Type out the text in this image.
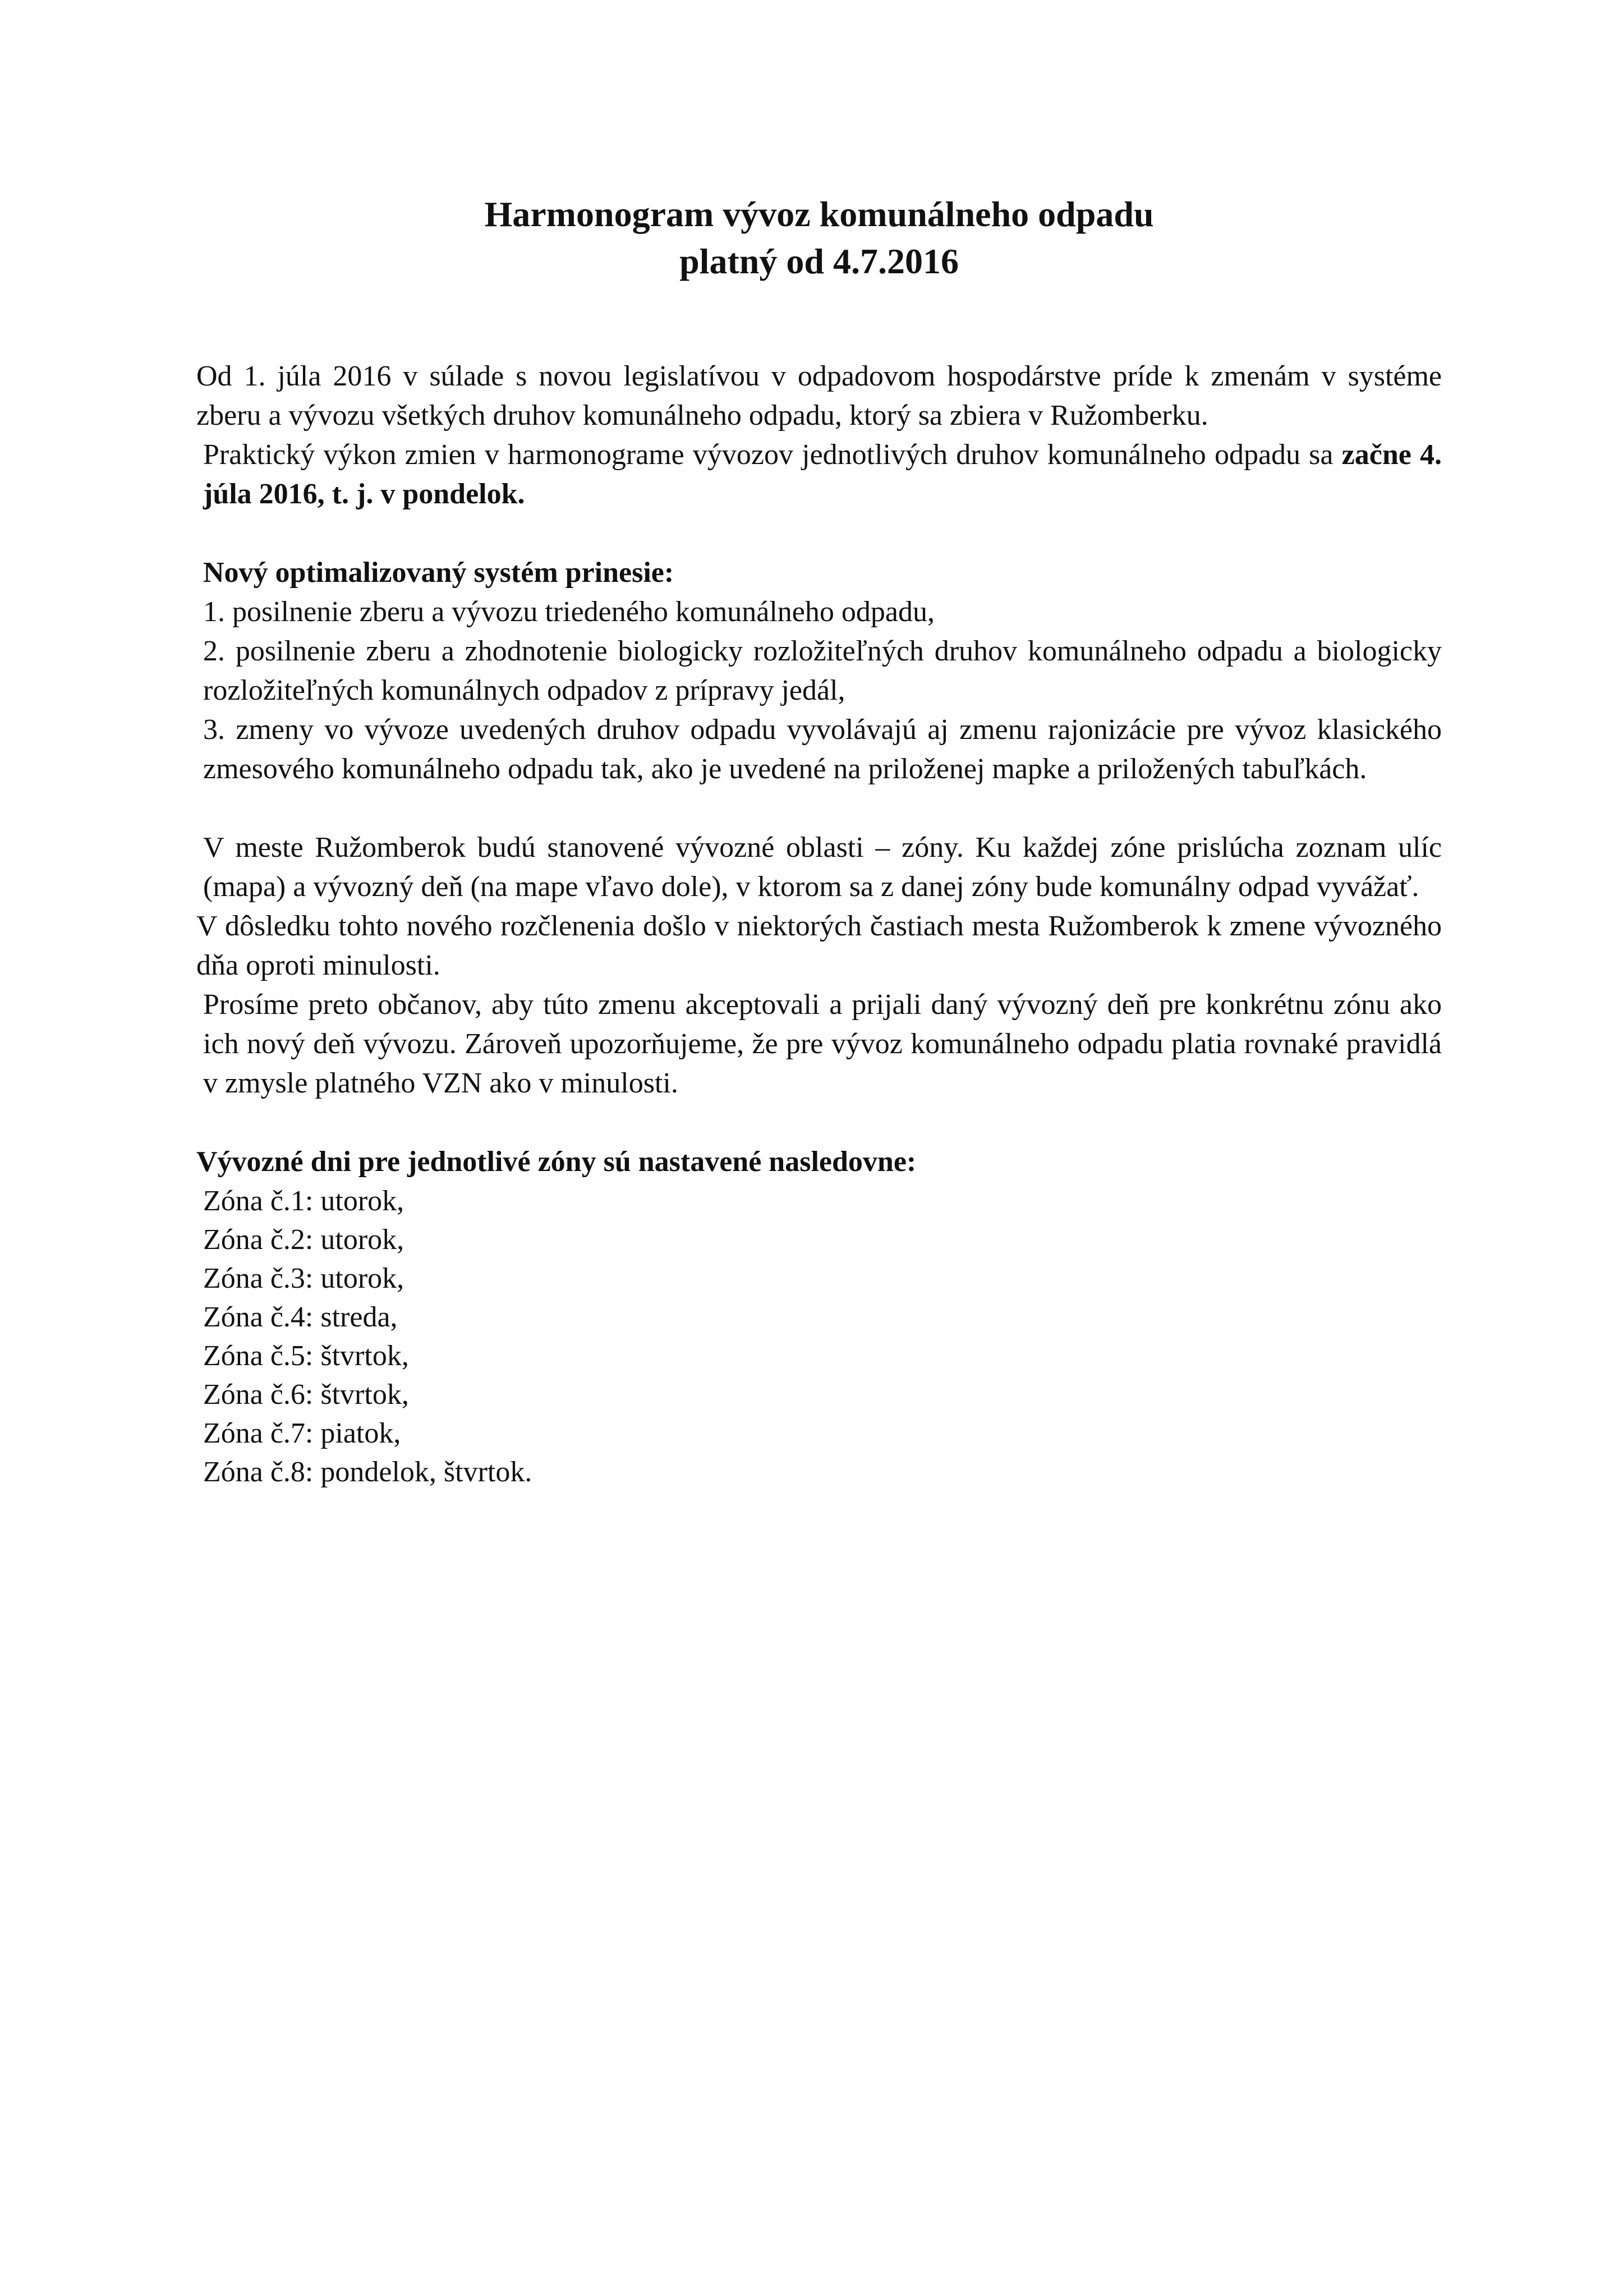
Harmonogram vývoz komunálneho odpadu
platný od 4.7.2016

Od 1. júla 2016 v súlade s novou legislatívou v odpadovom hospodárstve príde k zmenám v systéme zberu a vývozu všetkých druhov komunálneho odpadu, ktorý sa zbiera v Ružomberku.

Praktický výkon zmien v harmonograme vývozov jednotlivých druhov komunálneho odpadu sa začne 4. júla 2016, t. j. v pondelok.

Nový optimalizovaný systém prinesie:

1. posilnenie zberu a vývozu triedeného komunálneho odpadu,

2. posilnenie zberu a zhodnotenie biologicky rozložiteľných druhov komunálneho odpadu a biologicky rozložiteľných komunálnych odpadov z prípravy jedál,

3. zmeny vo vývoze uvedených druhov odpadu vyvolávajú aj zmenu rajonizácie pre vývoz klasického zmesového komunálneho odpadu tak, ako je uvedené na priloženej mapke a priložených tabuľkách.

V meste Ružomberok budú stanovené vývozné oblasti – zóny. Ku každej zóne prislúcha zoznam ulíc (mapa) a vývozný deň (na mape vľavo dole), v ktorom sa z danej zóny bude komunálny odpad vyvážať.

V dôsledku tohto nového rozčlenenia došlo v niektorých častiach mesta Ružomberok k zmene vývozného dňa oproti minulosti.

Prosíme preto občanov, aby túto zmenu akceptovali a prijali daný vývozný deň pre konkrétnu zónu ako ich nový deň vývozu. Zároveň upozorňujeme, že pre vývoz komunálneho odpadu platia rovnaké pravidlá v zmysle platného VZN ako v minulosti.

Vývozné dni pre jednotlivé zóny sú nastavené nasledovne:

Zóna č.1: utorok,
Zóna č.2: utorok,
Zóna č.3: utorok,
Zóna č.4: streda,
Zóna č.5: štvrtok,
Zóna č.6: štvrtok,
Zóna č.7: piatok,
Zóna č.8: pondelok, štvrtok.
